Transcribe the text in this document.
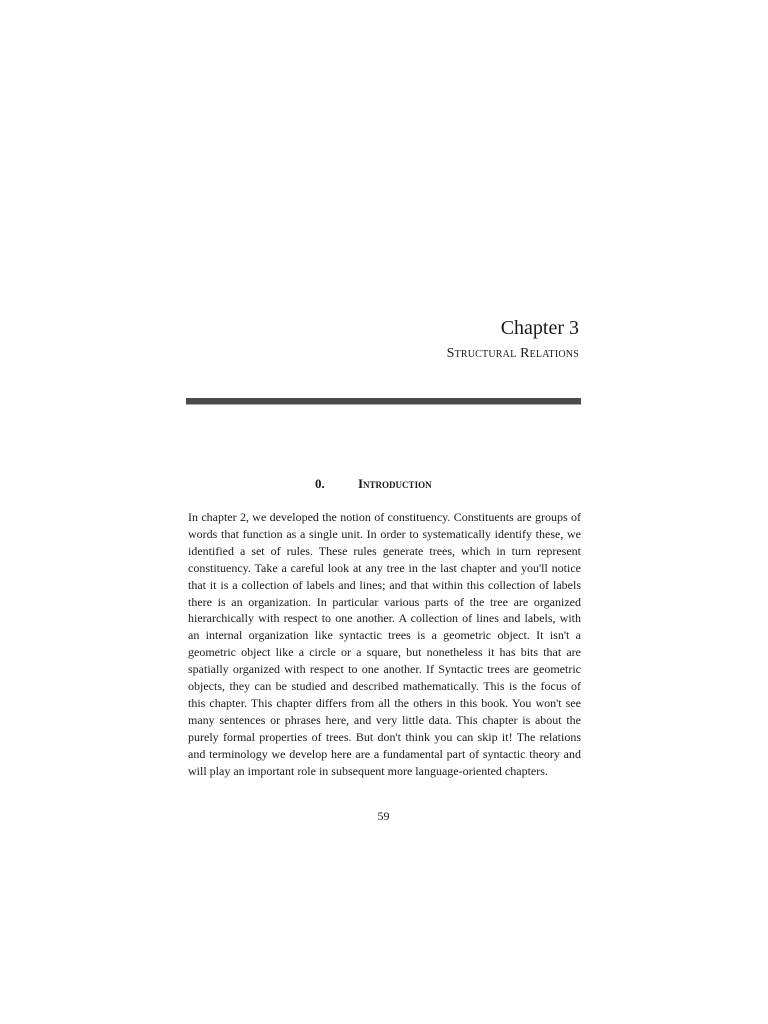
Chapter 3
Structural Relations
0.	Introduction

In chapter 2, we developed the notion of constituency. Constituents are groups of words that function as a single unit. In order to systematically identify these, we identified a set of rules. These rules generate trees, which in turn represent constituency. Take a careful look at any tree in the last chapter and you'll notice that it is a collection of labels and lines; and that within this collection of labels there is an organization. In particular various parts of the tree are organized hierarchically with respect to one another. A collection of lines and labels, with an internal organization like syntactic trees is a geometric object. It isn't a geometric object like a circle or a square, but nonetheless it has bits that are spatially organized with respect to one another. If Syntactic trees are geometric objects, they can be studied and described mathematically. This is the focus of this chapter. This chapter differs from all the others in this book. You won't see many sentences or phrases here, and very little data. This chapter is about the purely formal properties of trees. But don't think you can skip it! The relations and terminology we develop here are a fundamental part of syntactic theory and will play an important role in subsequent more language-oriented chapters.

59
